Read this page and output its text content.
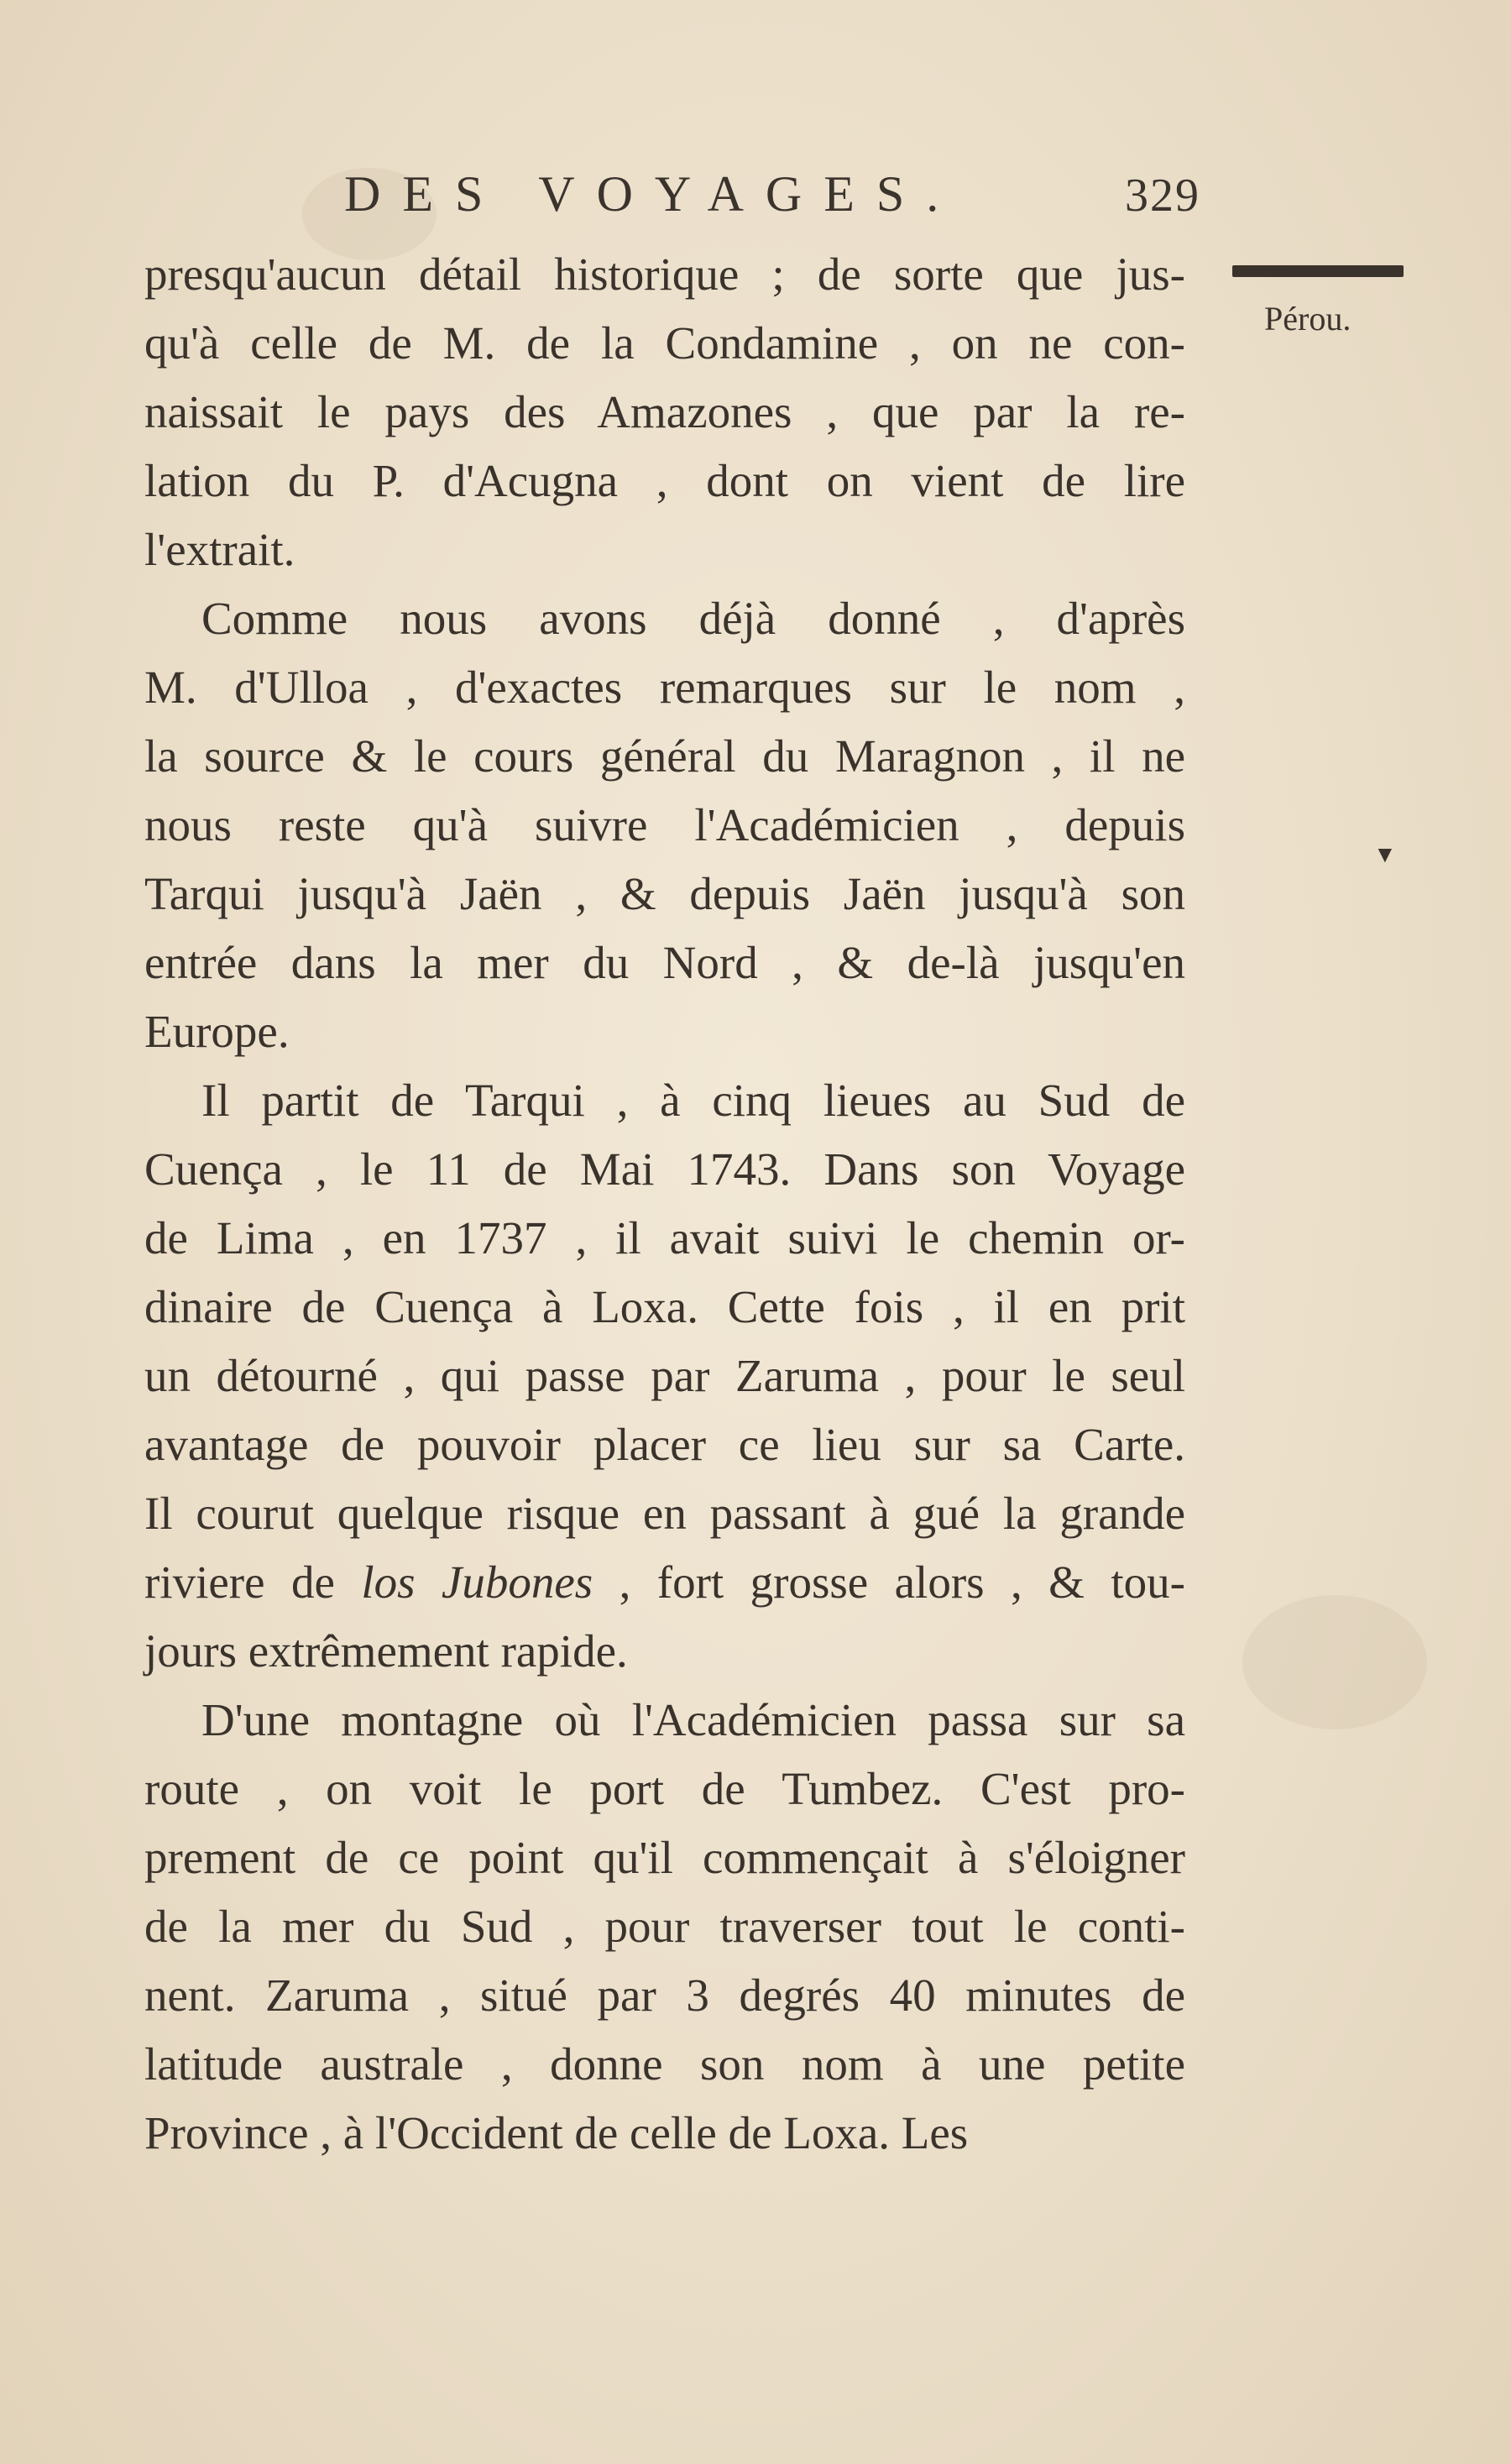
DES VOYAGES.	329
Pérou.
▼
presqu'aucun détail historique ; de sorte que jus-
qu'à celle de M. de la Condamine , on ne con-
naissait le pays des Amazones , que par la re-
lation du P. d'Acugna , dont on vient de lire
l'extrait.
Comme nous avons déjà donné , d'après
M. d'Ulloa , d'exactes remarques sur le nom ,
la source & le cours général du Maragnon , il ne
nous reste qu'à suivre l'Académicien , depuis
Tarqui jusqu'à Jaën , & depuis Jaën jusqu'à son
entrée dans la mer du Nord , & de-là jusqu'en
Europe.
Il partit de Tarqui , à cinq lieues au Sud de
Cuença , le 11 de Mai 1743. Dans son Voyage
de Lima , en 1737 , il avait suivi le chemin or-
dinaire de Cuença à Loxa. Cette fois , il en prit
un détourné , qui passe par Zaruma , pour le seul
avantage de pouvoir placer ce lieu sur sa Carte.
Il courut quelque risque en passant à gué la grande
riviere de los Jubones , fort grosse alors , & tou-
jours extrêmement rapide.
D'une montagne où l'Académicien passa sur sa
route , on voit le port de Tumbez. C'est pro-
prement de ce point qu'il commençait à s'éloigner
de la mer du Sud , pour traverser tout le conti-
nent. Zaruma , situé par 3 degrés 40 minutes de
latitude australe , donne son nom à une petite
Province , à l'Occident de celle de Loxa. Les
